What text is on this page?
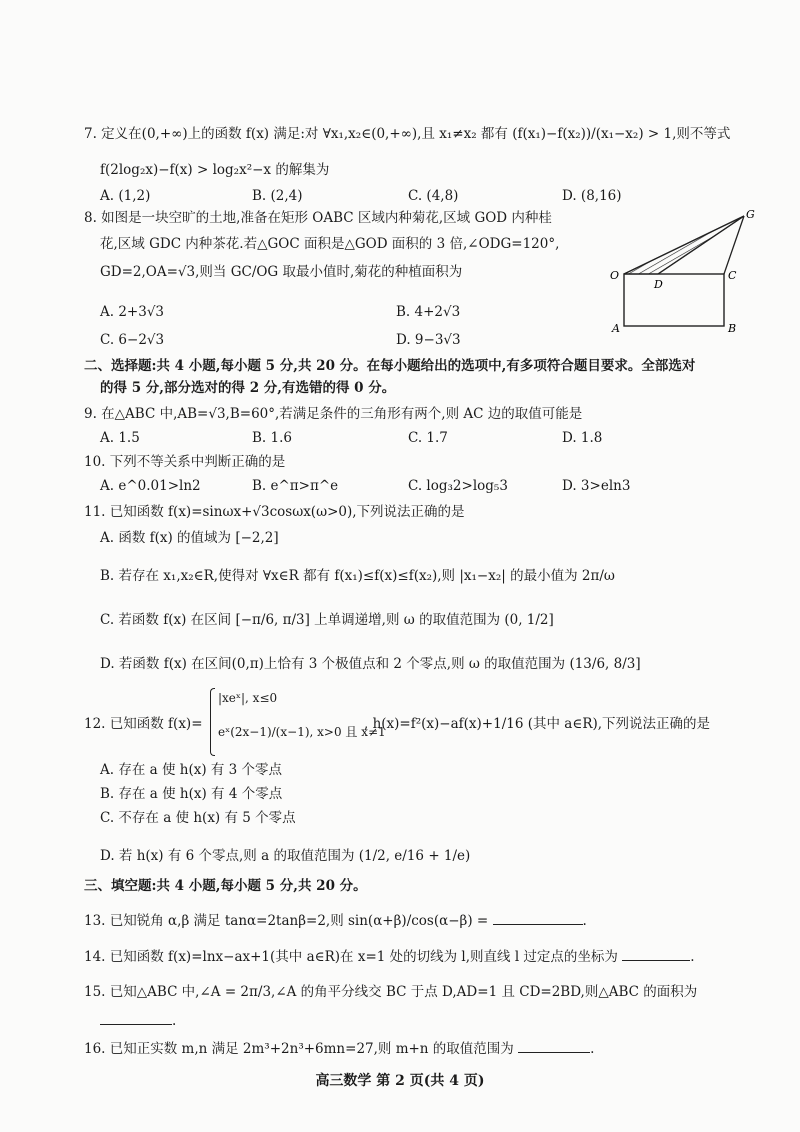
7. 定义在(0,+∞)上的函数 f(x) 满足:对 ∀x₁,x₂∈(0,+∞),且 x₁≠x₂ 都有 (f(x₁)−f(x₂))/(x₁−x₂) > 1,则不等式
f(2log₂x)−f(x) > log₂x²−x 的解集为
A. (1,2)	B. (2,4)	C. (4,8)	D. (8,16)
8. 如图是一块空旷的土地,准备在矩形 OABC 区域内种菊花,区域 GOD 内种桂
花,区域 GDC 内种茶花.若△GOC 面积是△GOD 面积的 3 倍,∠ODG=120°,
GD=2,OA=√3,则当 GC/OG 取最小值时,菊花的种植面积为
A. 2+3√3	B. 4+2√3
C. 6−2√3	D. 9−3√3
O
D
C
G
A	B
二、选择题:共 4 小题,每小题 5 分,共 20 分。在每小题给出的选项中,有多项符合题目要求。全部选对
的得 5 分,部分选对的得 2 分,有选错的得 0 分。
9. 在△ABC 中,AB=√3,B=60°,若满足条件的三角形有两个,则 AC 边的取值可能是
A. 1.5	B. 1.6	C. 1.7	D. 1.8
10. 下列不等关系中判断正确的是
A. e^0.01>ln2	B. e^π>π^e	C. log₃2>log₅3	D. 3>eln3
11. 已知函数 f(x)=sinωx+√3cosωx(ω>0),下列说法正确的是
A. 函数 f(x) 的值域为 [−2,2]
B. 若存在 x₁,x₂∈R,使得对 ∀x∈R 都有 f(x₁)≤f(x)≤f(x₂),则 |x₁−x₂| 的最小值为 2π/ω
C. 若函数 f(x) 在区间 [−π/6, π/3] 上单调递增,则 ω 的取值范围为 (0, 1/2]
D. 若函数 f(x) 在区间(0,π)上恰有 3 个极值点和 2 个零点,则 ω 的取值范围为 (13/6, 8/3]
12. 已知函数 f(x)=
|xeˣ|, x≤0
eˣ(2x−1)/(x−1), x>0 且 x≠1
, h(x)=f²(x)−af(x)+1/16 (其中 a∈R),下列说法正确的是
A. 存在 a 使 h(x) 有 3 个零点
B. 存在 a 使 h(x) 有 4 个零点
C. 不存在 a 使 h(x) 有 5 个零点
D. 若 h(x) 有 6 个零点,则 a 的取值范围为 (1/2, e/16 + 1/e)
三、填空题:共 4 小题,每小题 5 分,共 20 分。
13. 已知锐角 α,β 满足 tanα=2tanβ=2,则 sin(α+β)/cos(α−β) =	.
14. 已知函数 f(x)=lnx−ax+1(其中 a∈R)在 x=1 处的切线为 l,则直线 l 过定点的坐标为	.
15. 已知△ABC 中,∠A = 2π/3,∠A 的角平分线交 BC 于点 D,AD=1 且 CD=2BD,则△ABC 的面积为
.
16. 已知正实数 m,n 满足 2m³+2n³+6mn=27,则 m+n 的取值范围为	.
高三数学 第 2 页(共 4 页)
